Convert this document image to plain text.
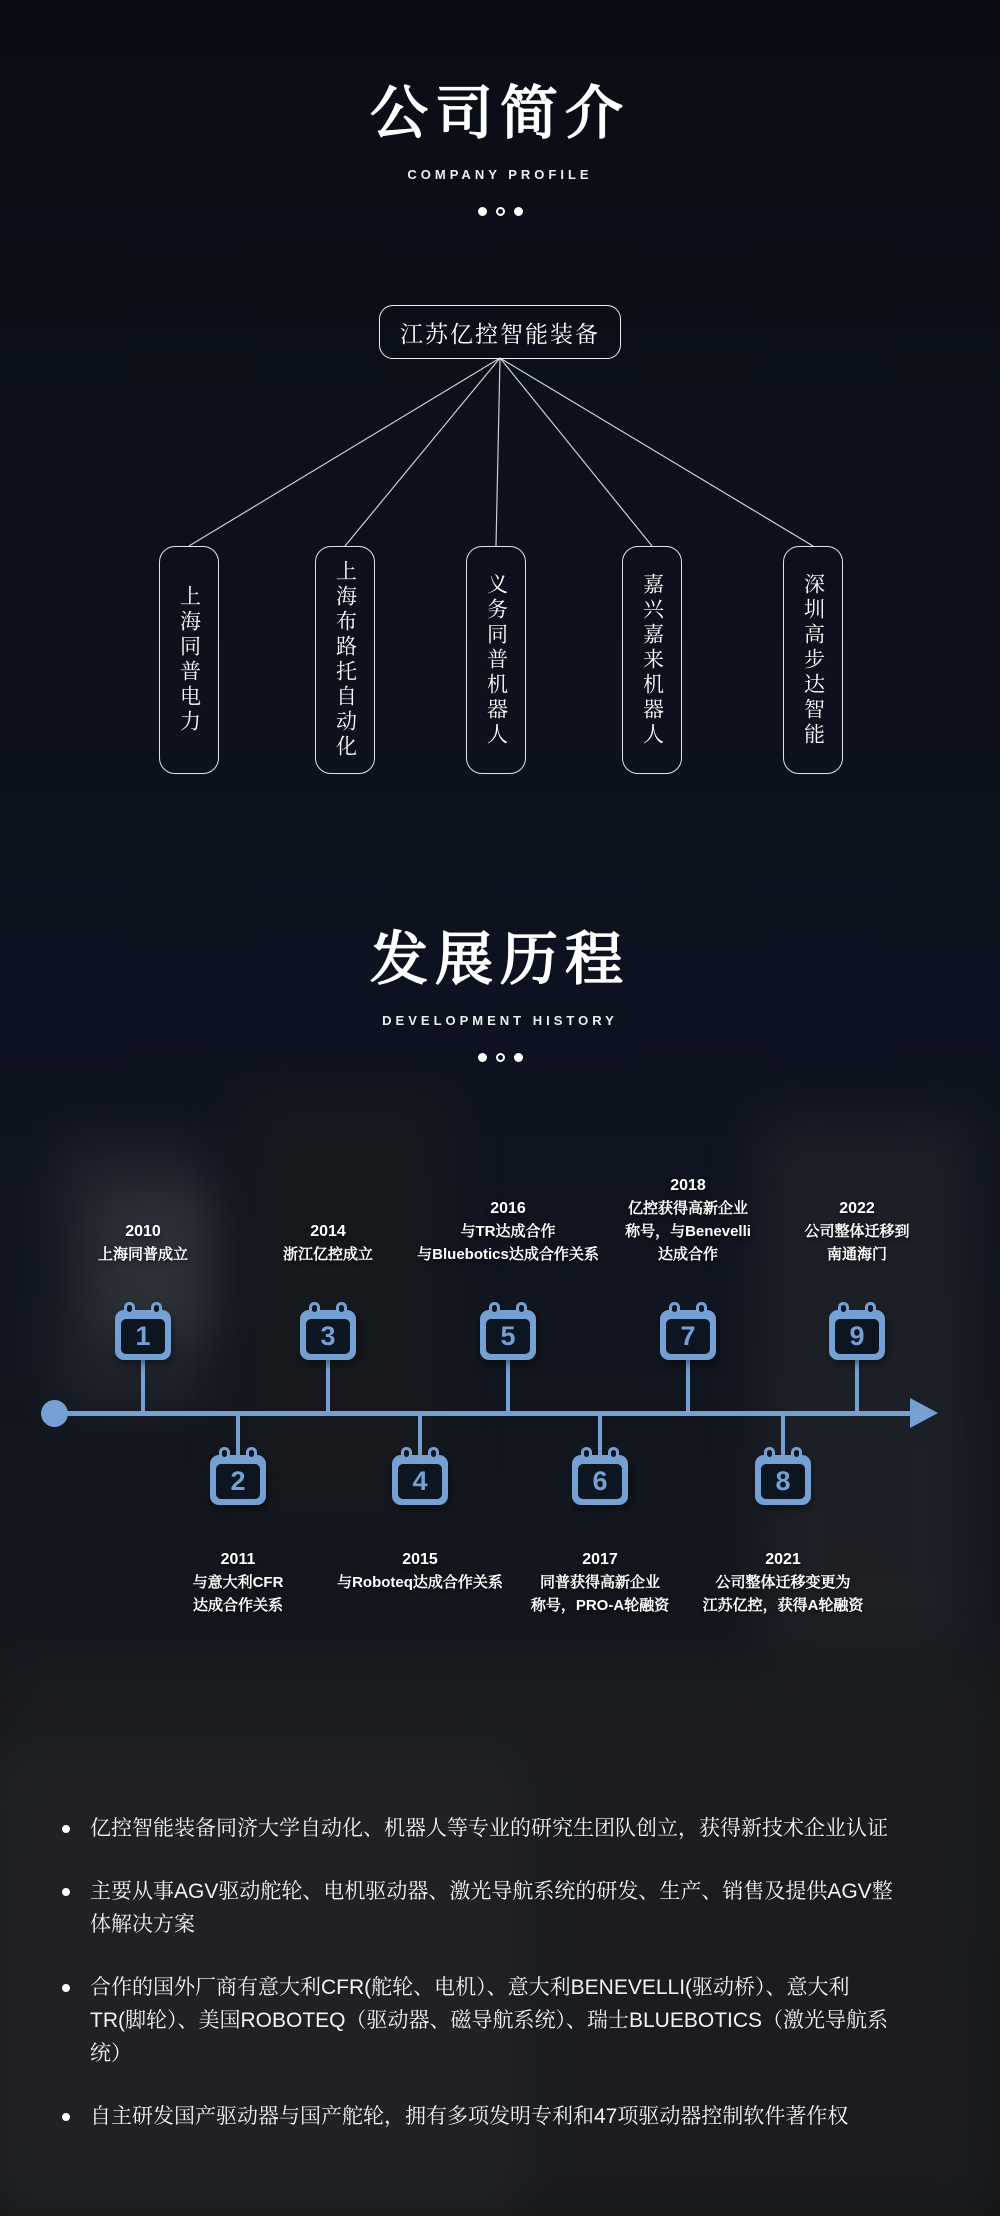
公司简介
COMPANY PROFILE
江苏亿控智能装备
上海同普电力	上海布路托自动化	义务同普机器人	嘉兴嘉来机器人	深圳高步达智能
发展历程
DEVELOPMENT HISTORY
2010
上海同普成立
1
2011
与意大利CFR
达成合作关系
2
2014
浙江亿控成立
3
2015
与Roboteq达成合作关系
4
2016
与TR达成合作
与Bluebotics达成合作关系
5
2017
同普获得高新企业
称号，PRO-A轮融资
6
2018
亿控获得高新企业
称号，与Benevelli
达成合作
7
2021
公司整体迁移变更为
江苏亿控，获得A轮融资
8
2022
公司整体迁移到
南通海门
9
亿控智能装备同济大学自动化、机器人等专业的研究生团队创立，获得新技术企业认证
主要从事AGV驱动舵轮、电机驱动器、激光导航系统的研发、生产、销售及提供AGV整体解决方案
合作的国外厂商有意大利CFR(舵轮、电机）、意大利BENEVELLI(驱动桥）、意大利TR(脚轮）、美国ROBOTEQ（驱动器、磁导航系统）、瑞士BLUEBOTICS（激光导航系统）
自主研发国产驱动器与国产舵轮，拥有多项发明专利和47项驱动器控制软件著作权
